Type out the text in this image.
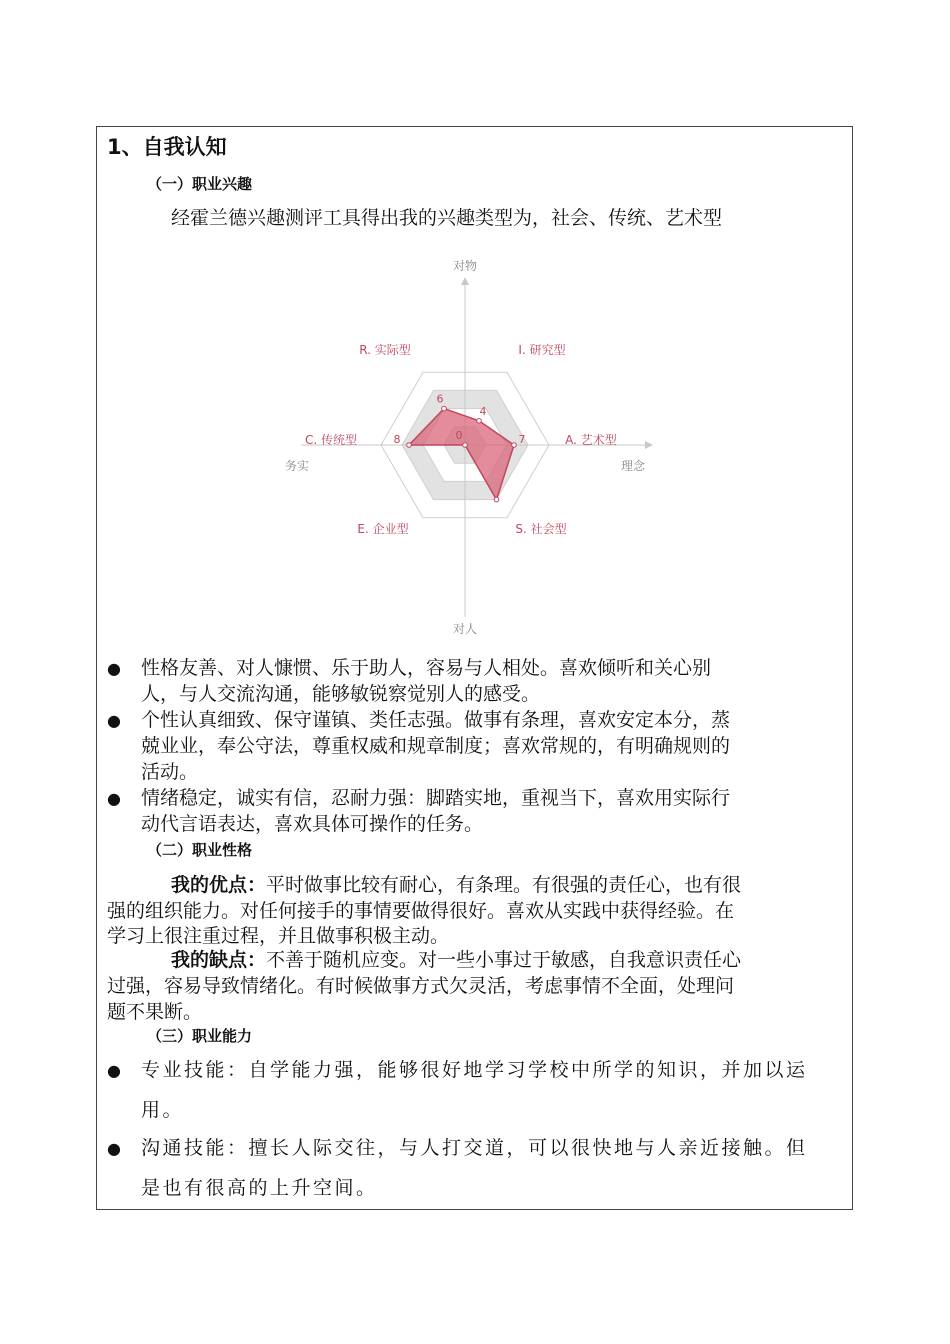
1、自我认知
（一）职业兴趣
经霍兰德兴趣测评工具得出我的兴趣类型为，社会、传统、艺术型
6
4
7
0
8
对物
对人
务实	理念
R. 实际型	I. 研究型
A. 艺术型
S. 社会型
E. 企业型
C. 传统型
● 性格友善、对人慷惯、乐于助人，容易与人相处。喜欢倾听和关心别
人，与人交流沟通，能够敏锐察觉别人的感受。
● 个性认真细致、保守谨镇、类任志强。做事有条理，喜欢安定本分，蒸
兢业业，奉公守法，尊重权威和规章制度；喜欢常规的，有明确规则的
活动。
● 情绪稳定，诚实有信，忍耐力强：脚踏实地，重视当下，喜欢用实际行
动代言语表达，喜欢具体可操作的任务。
（二）职业性格
我的优点：平时做事比较有耐心，有条理。有很强的责任心，也有很
强的组织能力。对任何接手的事情要做得很好。喜欢从实践中获得经验。在
学习上很注重过程，并且做事积极主动。
我的缺点：不善于随机应变。对一些小事过于敏感，自我意识责任心
过强，容易导致情绪化。有时候做事方式欠灵活，考虑事情不全面，处理问
题不果断。
（三）职业能力
● 专业技能：自学能力强，能够很好地学习学校中所学的知识，并加以运
用。
● 沟通技能：擅长人际交往，与人打交道，可以很快地与人亲近接触。但
是也有很高的上升空间。
